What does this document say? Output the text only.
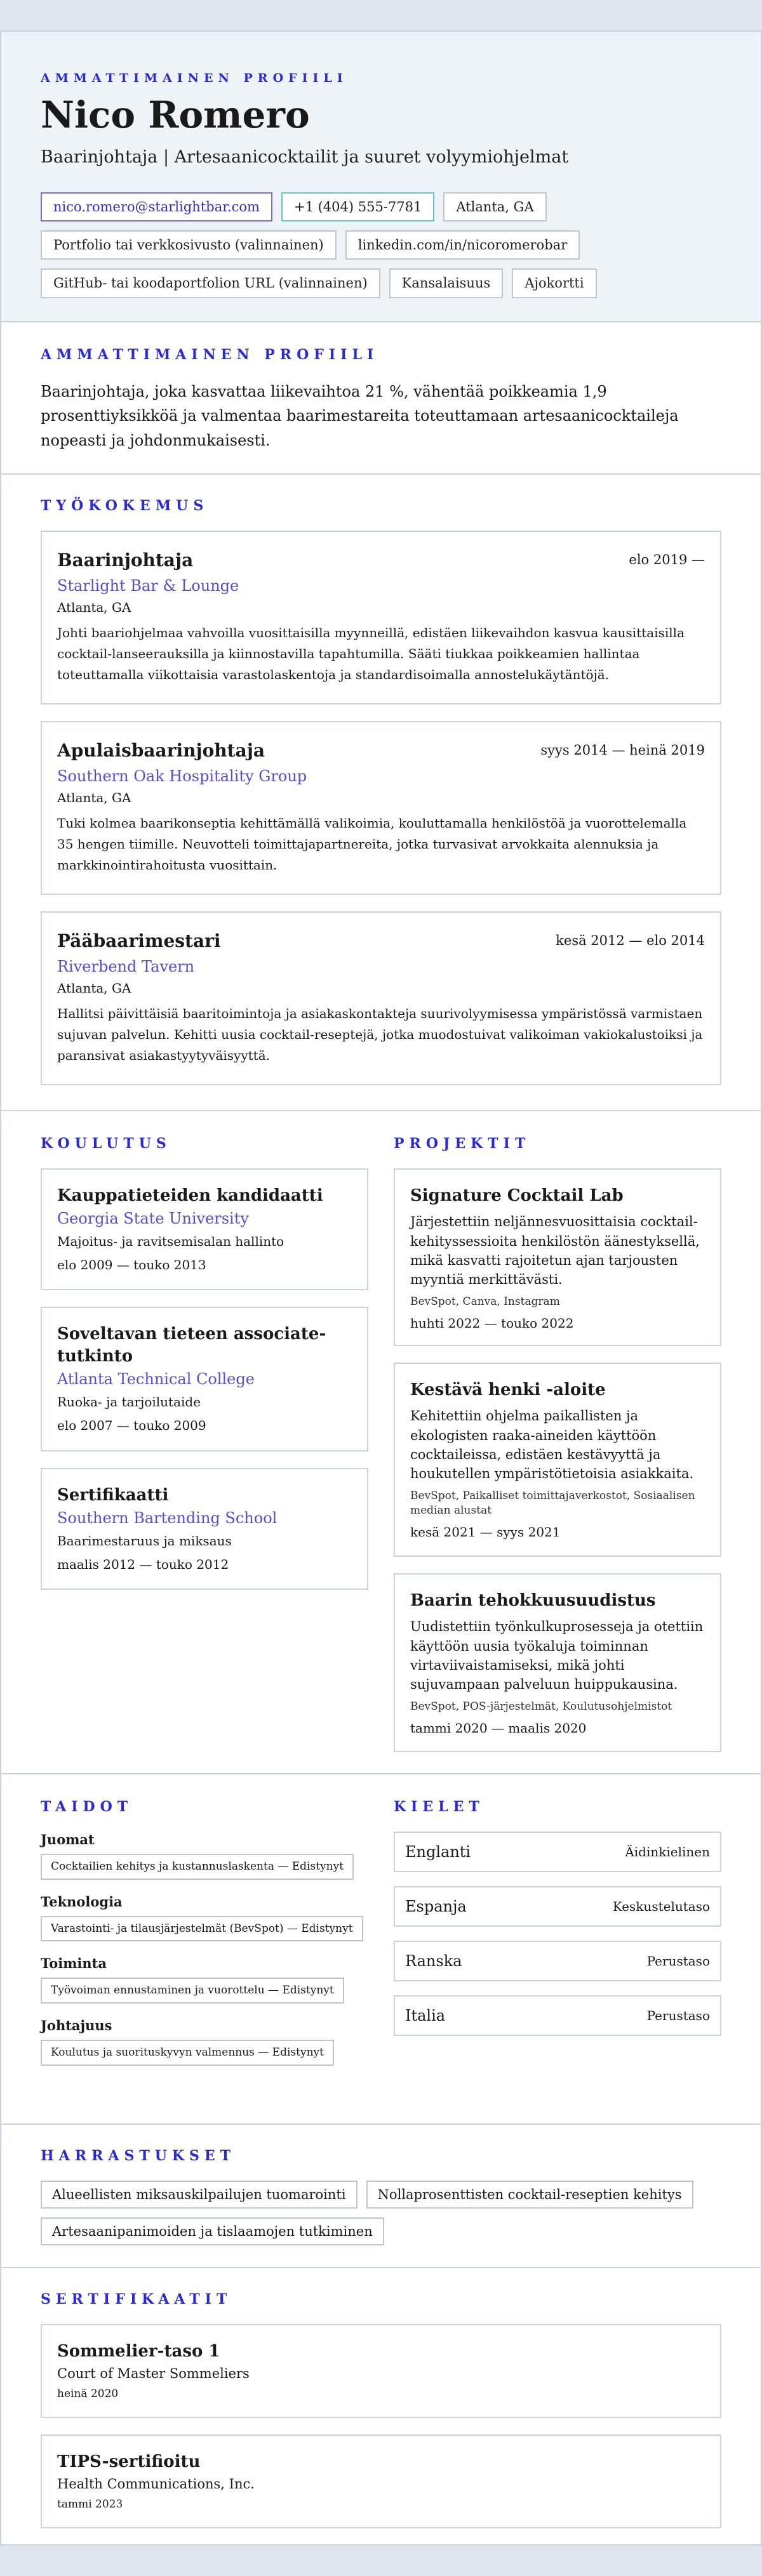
AMMATTIMAINEN PROFIILI
Nico Romero
Baarinjohtaja | Artesaanicocktailit ja suuret volyymiohjelmat
nico.romero@starlightbar.com	+1 (404) 555-7781	Atlanta, GA
Portfolio tai verkkosivusto (valinnainen)	linkedin.com/in/nicoromerobar
GitHub- tai koodaportfolion URL (valinnainen)	Kansalaisuus	Ajokortti
AMMATTIMAINEN PROFIILI
Baarinjohtaja, joka kasvattaa liikevaihtoa 21 %, vähentää poikkeamia 1,9 prosenttiyksikköä ja valmentaa baarimestareita toteuttamaan artesaanicocktaileja nopeasti ja johdonmukaisesti.
TYÖKOKEMUS
Baarinjohtaja	elo 2019 —
Starlight Bar & Lounge
Atlanta, GA
Johti baariohjelmaa vahvoilla vuosittaisilla myynneillä, edistäen liikevaihdon kasvua kausittaisilla cocktail-lanseerauksilla ja kiinnostavilla tapahtumilla. Sääti tiukkaa poikkeamien hallintaa toteuttamalla viikottaisia varastolaskentoja ja standardisoimalla annostelukäytäntöjä.
Apulaisbaarinjohtaja	syys 2014 — heinä 2019
Southern Oak Hospitality Group
Atlanta, GA
Tuki kolmea baarikonseptia kehittämällä valikoimia, kouluttamalla henkilöstöä ja vuorottelemalla 35 hengen tiimille. Neuvotteli toimittajapartnereita, jotka turvasivat arvokkaita alennuksia ja markkinointirahoitusta vuosittain.
Pääbaarimestari	kesä 2012 — elo 2014
Riverbend Tavern
Atlanta, GA
Hallitsi päivittäisiä baaritoimintoja ja asiakaskontakteja suurivolyymisessa ympäristössä varmistaen sujuvan palvelun. Kehitti uusia cocktail-reseptejä, jotka muodostuivat valikoiman vakiokalustoiksi ja paransivat asiakastyytyväisyyttä.
KOULUTUS
Kauppatieteiden kandidaatti
Georgia State University
Majoitus- ja ravitsemisalan hallinto
elo 2009 — touko 2013
Soveltavan tieteen associate-tutkinto
Atlanta Technical College
Ruoka- ja tarjoilutaide
elo 2007 — touko 2009
Sertifikaatti
Southern Bartending School
Baarimestaruus ja miksaus
maalis 2012 — touko 2012
PROJEKTIT
Signature Cocktail Lab
Järjestettiin neljännesvuosittaisia cocktail-kehityssessioita henkilöstön äänestyksellä, mikä kasvatti rajoitetun ajan tarjousten myyntiä merkittävästi.
BevSpot, Canva, Instagram
huhti 2022 — touko 2022
Kestävä henki -aloite
Kehitettiin ohjelma paikallisten ja ekologisten raaka-aineiden käyttöön cocktaileissa, edistäen kestävyyttä ja houkutellen ympäristötietoisia asiakkaita.
BevSpot, Paikalliset toimittajaverkostot, Sosiaalisen median alustat
kesä 2021 — syys 2021
Baarin tehokkuusuudistus
Uudistettiin työnkulkuprosesseja ja otettiin käyttöön uusia työkaluja toiminnan virtaviivaistamiseksi, mikä johti sujuvampaan palveluun huippukausina.
BevSpot, POS-järjestelmät, Koulutusohjelmistot
tammi 2020 — maalis 2020
TAIDOT
Juomat
Cocktailien kehitys ja kustannuslaskenta — Edistynyt
Teknologia
Varastointi- ja tilausjärjestelmät (BevSpot) — Edistynyt
Toiminta
Työvoiman ennustaminen ja vuorottelu — Edistynyt
Johtajuus
Koulutus ja suorituskyvyn valmennus — Edistynyt
KIELET
Englanti	Äidinkielinen
Espanja	Keskustelutaso
Ranska	Perustaso
Italia	Perustaso
HARRASTUKSET
Alueellisten miksauskilpailujen tuomarointi	Nollaprosenttisten cocktail-reseptien kehitys
Artesaanipanimoiden ja tislaamojen tutkiminen
SERTIFIKAATIT
Sommelier-taso 1
Court of Master Sommeliers
heinä 2020
TIPS-sertifioitu
Health Communications, Inc.
tammi 2023
